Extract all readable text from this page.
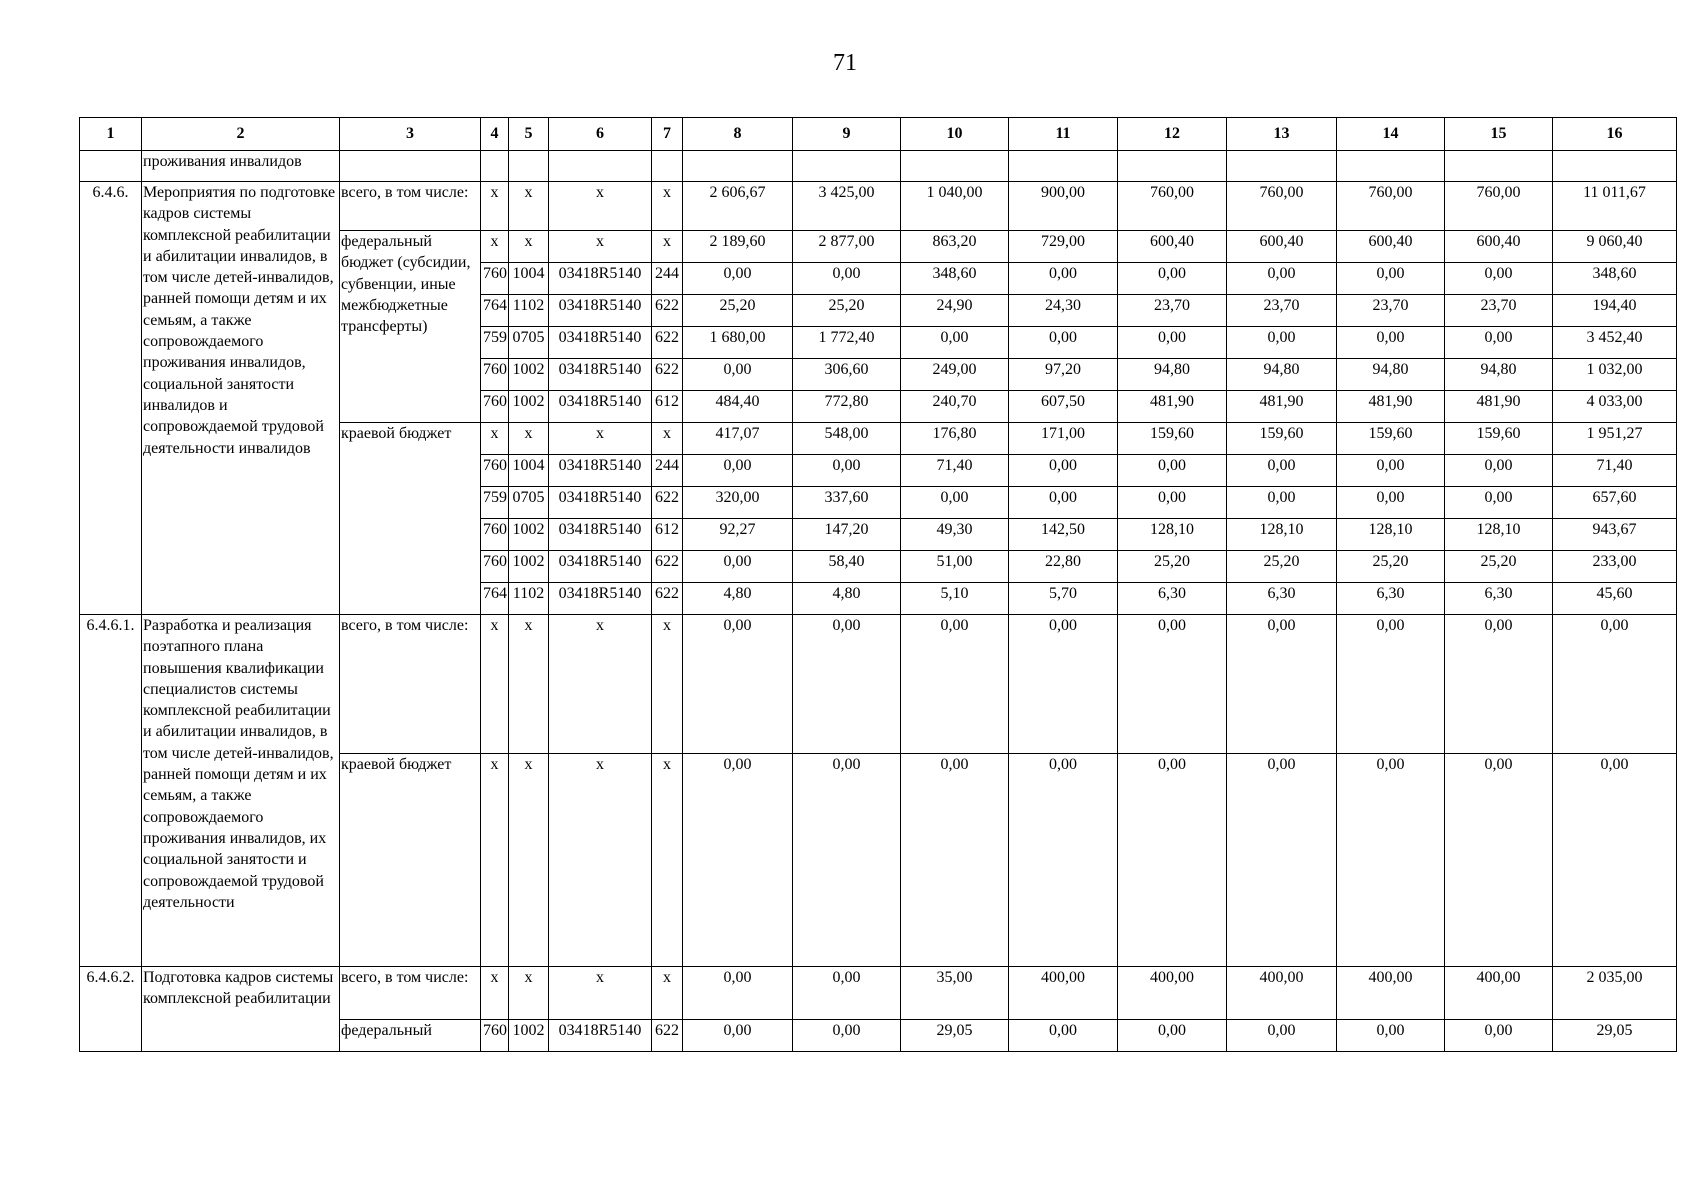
71
1	2	3	4	5	6	7	8	9	10	11	12	13	14	15	16
	проживания инвалидов														
6.4.6.	Мероприятия по подготовке кадров системы комплексной реабилитации и абилитации инвалидов, в том числе детей-инвалидов, ранней помощи детям и их семьям, а также сопровождаемого проживания инвалидов, социальной занятости инвалидов и сопровождаемой трудовой деятельности инвалидов	всего, в том числе:	x	x	x	x	2 606,67	3 425,00	1 040,00	900,00	760,00	760,00	760,00	760,00	11 011,67
		федеральный бюджет (субсидии, субвенции, иные межбюджетные трансферты)	x	x	x	x	2 189,60	2 877,00	863,20	729,00	600,40	600,40	600,40	600,40	9 060,40
			760	1004	03418R5140	244	0,00	0,00	348,60	0,00	0,00	0,00	0,00	0,00	348,60
			764	1102	03418R5140	622	25,20	25,20	24,90	24,30	23,70	23,70	23,70	23,70	194,40
			759	0705	03418R5140	622	1 680,00	1 772,40	0,00	0,00	0,00	0,00	0,00	0,00	3 452,40
			760	1002	03418R5140	622	0,00	306,60	249,00	97,20	94,80	94,80	94,80	94,80	1 032,00
			760	1002	03418R5140	612	484,40	772,80	240,70	607,50	481,90	481,90	481,90	481,90	4 033,00
		краевой бюджет	x	x	x	x	417,07	548,00	176,80	171,00	159,60	159,60	159,60	159,60	1 951,27
			760	1004	03418R5140	244	0,00	0,00	71,40	0,00	0,00	0,00	0,00	0,00	71,40
			759	0705	03418R5140	622	320,00	337,60	0,00	0,00	0,00	0,00	0,00	0,00	657,60
			760	1002	03418R5140	612	92,27	147,20	49,30	142,50	128,10	128,10	128,10	128,10	943,67
			760	1002	03418R5140	622	0,00	58,40	51,00	22,80	25,20	25,20	25,20	25,20	233,00
			764	1102	03418R5140	622	4,80	4,80	5,10	5,70	6,30	6,30	6,30	6,30	45,60
6.4.6.1.	Разработка и реализация поэтапного плана повышения квалификации специалистов системы комплексной реабилитации и абилитации инвалидов, в том числе детей-инвалидов, ранней помощи детям и их семьям, а также сопровождаемого проживания инвалидов, их социальной занятости и сопровождаемой трудовой деятельности	всего, в том числе:	x	x	x	x	0,00	0,00	0,00	0,00	0,00	0,00	0,00	0,00	0,00
		краевой бюджет	x	x	x	x	0,00	0,00	0,00	0,00	0,00	0,00	0,00	0,00	0,00
6.4.6.2.	Подготовка кадров системы комплексной реабилитации	всего, в том числе:	x	x	x	x	0,00	0,00	35,00	400,00	400,00	400,00	400,00	400,00	2 035,00
		федеральный	760	1002	03418R5140	622	0,00	0,00	29,05	0,00	0,00	0,00	0,00	0,00	29,05
